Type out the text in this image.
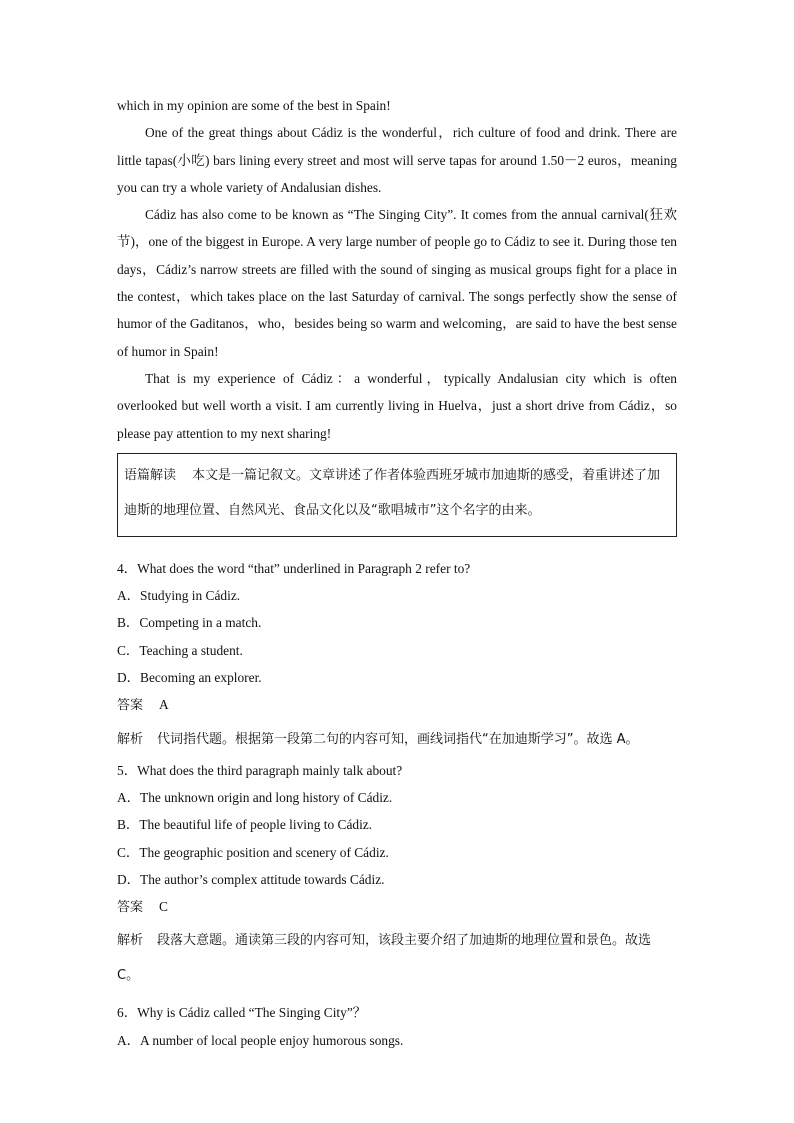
which in my opinion are some of the best in Spain!

One of the great things about Cádiz is the wonderful，rich culture of food and drink. There are little tapas(小吃) bars lining every street and most will serve tapas for around 1.50－2 euros，meaning you can try a whole variety of Andalusian dishes.

Cádiz has also come to be known as “The Singing City”. It comes from the annual carnival(狂欢节)，one of the biggest in Europe. A very large number of people go to Cádiz to see it. During those ten days，Cádiz’s narrow streets are filled with the sound of singing as musical groups fight for a place in the contest，which takes place on the last Saturday of carnival. The songs perfectly show the sense of humor of the Gaditanos，who，besides being so warm and welcoming，are said to have the best sense of humor in Spain!

That is my experience of Cádiz：a wonderful，typically Andalusian city which is often overlooked but well worth a visit. I am currently living in Huelva，just a short drive from Cádiz，so please pay attention to my next sharing!

语篇解读 本文是一篇记叙文。文章讲述了作者体验西班牙城市加迪斯的感受，着重讲述了加迪斯的地理位置、自然风光、食品文化以及“歌唱城市”这个名字的由来。

4．What does the word “that” underlined in Paragraph 2 refer to?

A．Studying in Cádiz.

B．Competing in a match.

C．Teaching a student.

D．Becoming an explorer.

答案 A

解析 代词指代题。根据第一段第二句的内容可知，画线词指代“在加迪斯学习”。故选 A。

5．What does the third paragraph mainly talk about?

A．The unknown origin and long history of Cádiz.

B．The beautiful life of people living to Cádiz.

C．The geographic position and scenery of Cádiz.

D．The author’s complex attitude towards Cádiz.

答案 C

解析 段落大意题。通读第三段的内容可知，该段主要介绍了加迪斯的地理位置和景色。故选 C。

6．Why is Cádiz called “The Singing City”？

A．A number of local people enjoy humorous songs.
